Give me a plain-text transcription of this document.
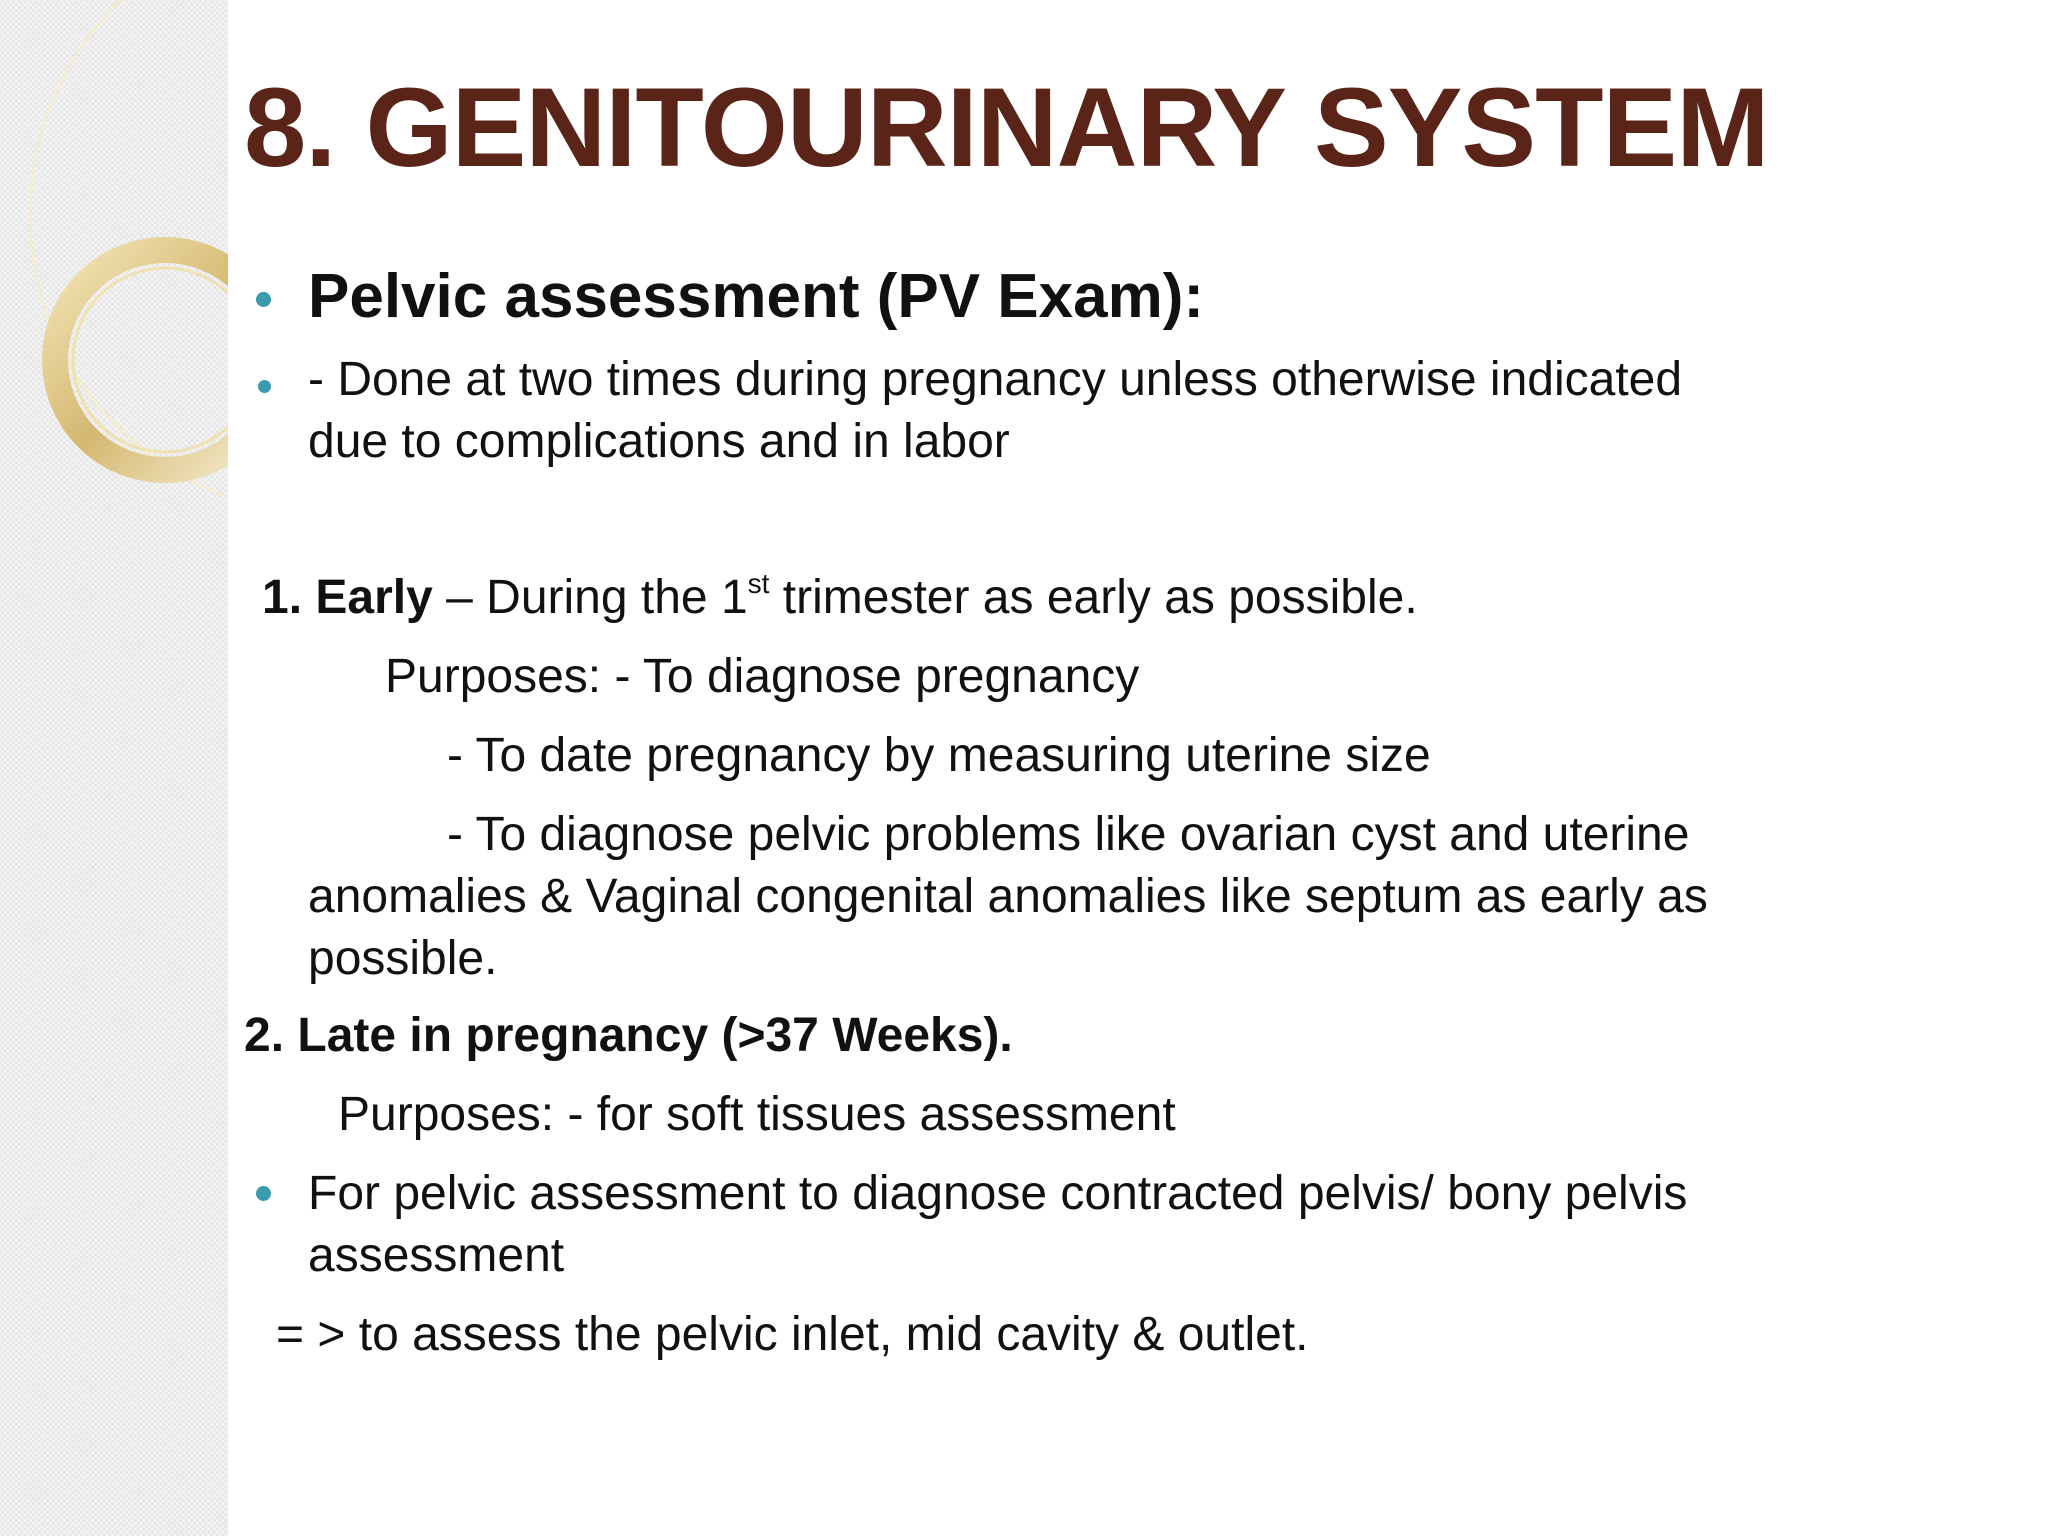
8. GENITOURINARY SYSTEM

Pelvic assessment (PV Exam):

- Done at two times during pregnancy unless otherwise indicated

due to complications and in labor

1. Early – During the 1st trimester as early as possible.

Purposes: - To diagnose pregnancy

- To date pregnancy by measuring uterine size

- To diagnose pelvic problems like ovarian cyst and uterine

anomalies & Vaginal congenital anomalies like septum as early as

possible.

2. Late in pregnancy (>37 Weeks).

Purposes: - for soft tissues assessment

For pelvic assessment to diagnose contracted pelvis/ bony pelvis

assessment

= > to assess the pelvic inlet, mid cavity & outlet.
